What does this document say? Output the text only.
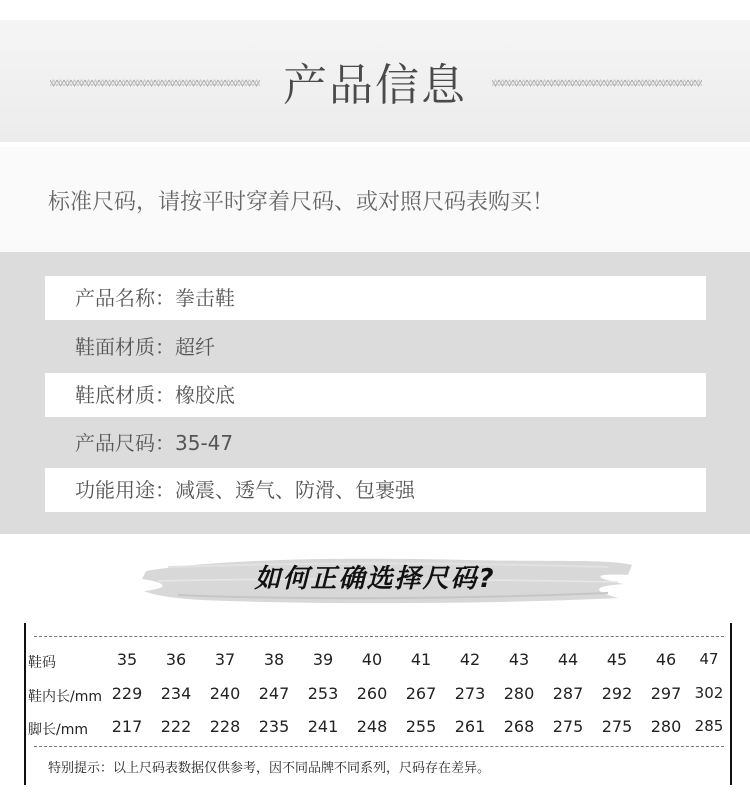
产品信息
标准尺码，请按平时穿着尺码、或对照尺码表购买！
产品名称：拳击鞋
鞋面材质：超纤
鞋底材质：橡胶底
产品尺码：35-47
功能用途：减震、透气、防滑、包裹强
如何正确选择尺码?
鞋码	35	36	37	38	39	40	41	42	43	44	45	46	47
鞋内长/mm 229	234	240	247	253	260	267	273	280	287	292	297 302
脚长/mm	217	222	228	235	241	248	255	261	268	275	275	280 285
特别提示：以上尺码表数据仅供参考，因不同品牌不同系列，尺码存在差异。
